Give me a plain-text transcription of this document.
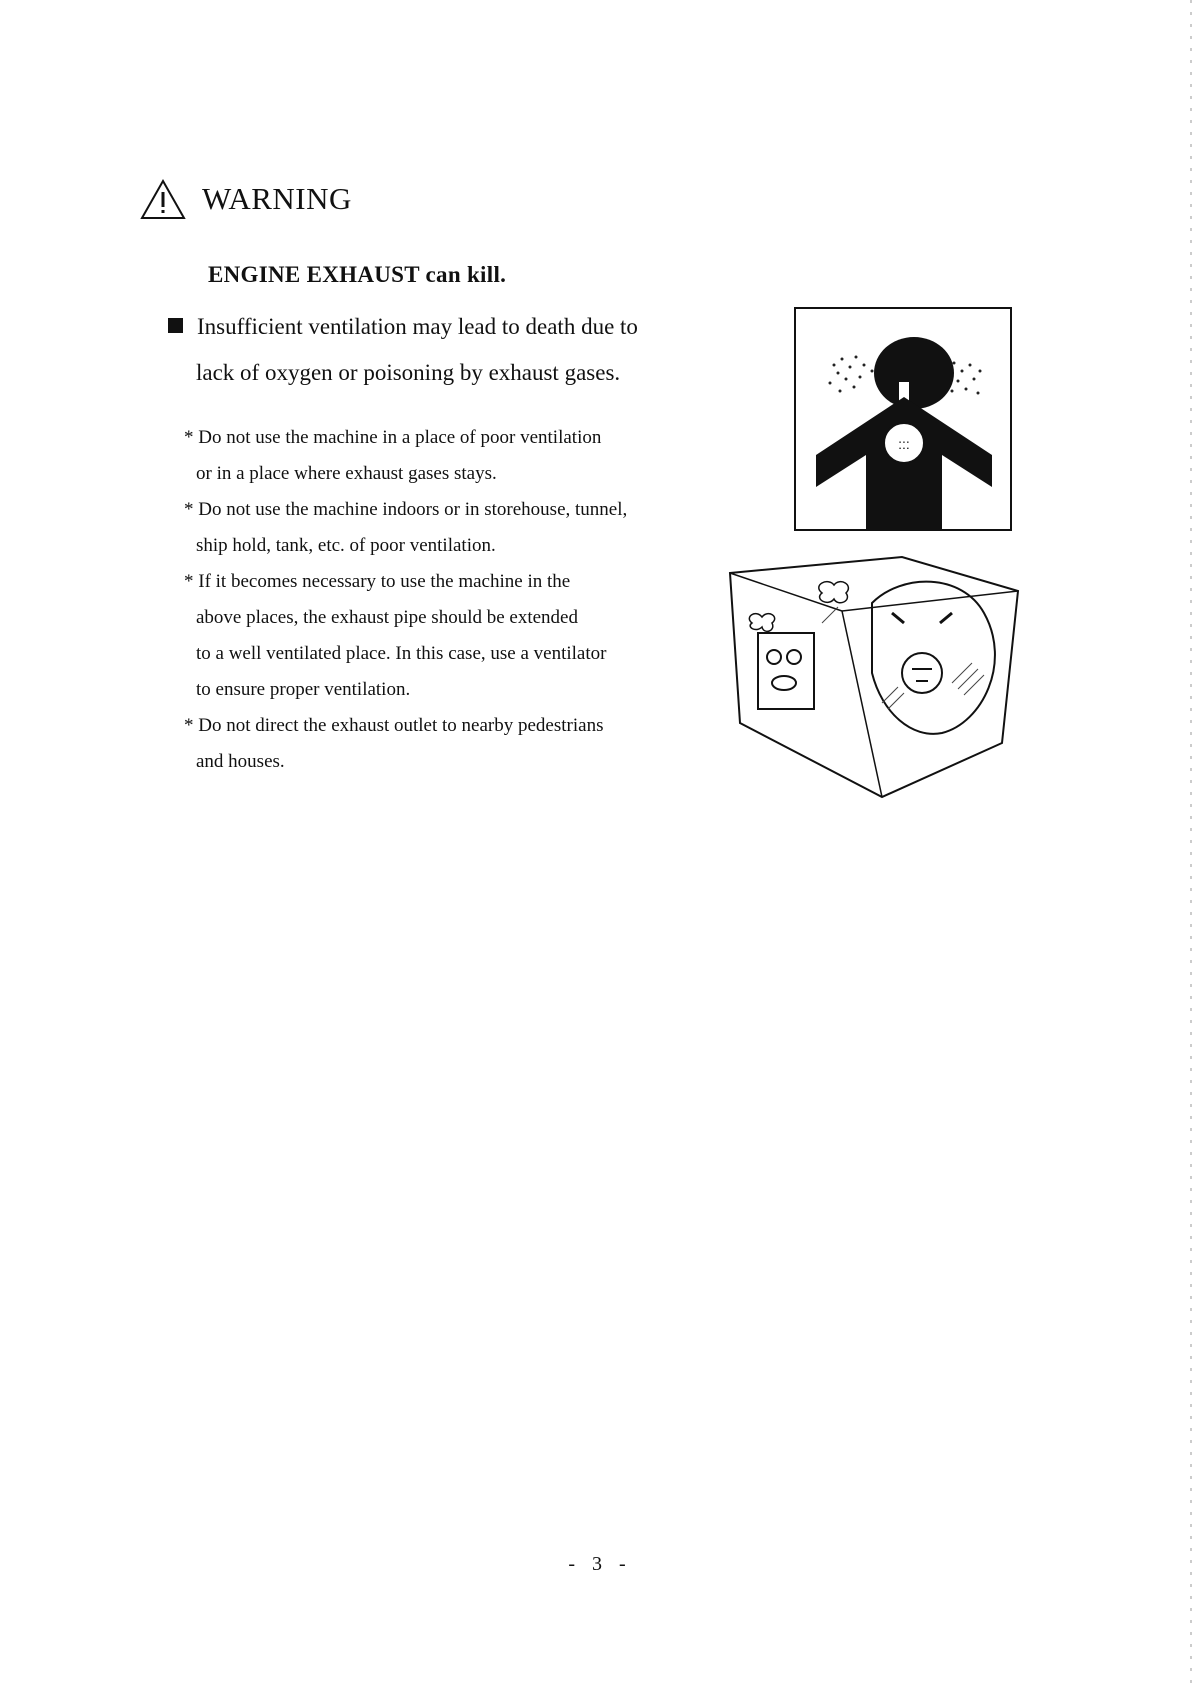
WARNING
ENGINE EXHAUST can kill.
Insufficient ventilation may lead to death due to
lack of oxygen or poisoning by exhaust gases.
* Do not use the machine in a place of poor ventilation
or in a place where exhaust gases stays.
* Do not use the machine indoors or in storehouse, tunnel,
ship hold, tank, etc. of poor ventilation.
* If it becomes necessary to use the machine in the
above places, the exhaust pipe should be extended
to a well ventilated place. In this case, use a ventilator
to ensure proper ventilation.
* Do not direct the exhaust outlet to nearby pedestrians
and houses.
:::
- 3 -
